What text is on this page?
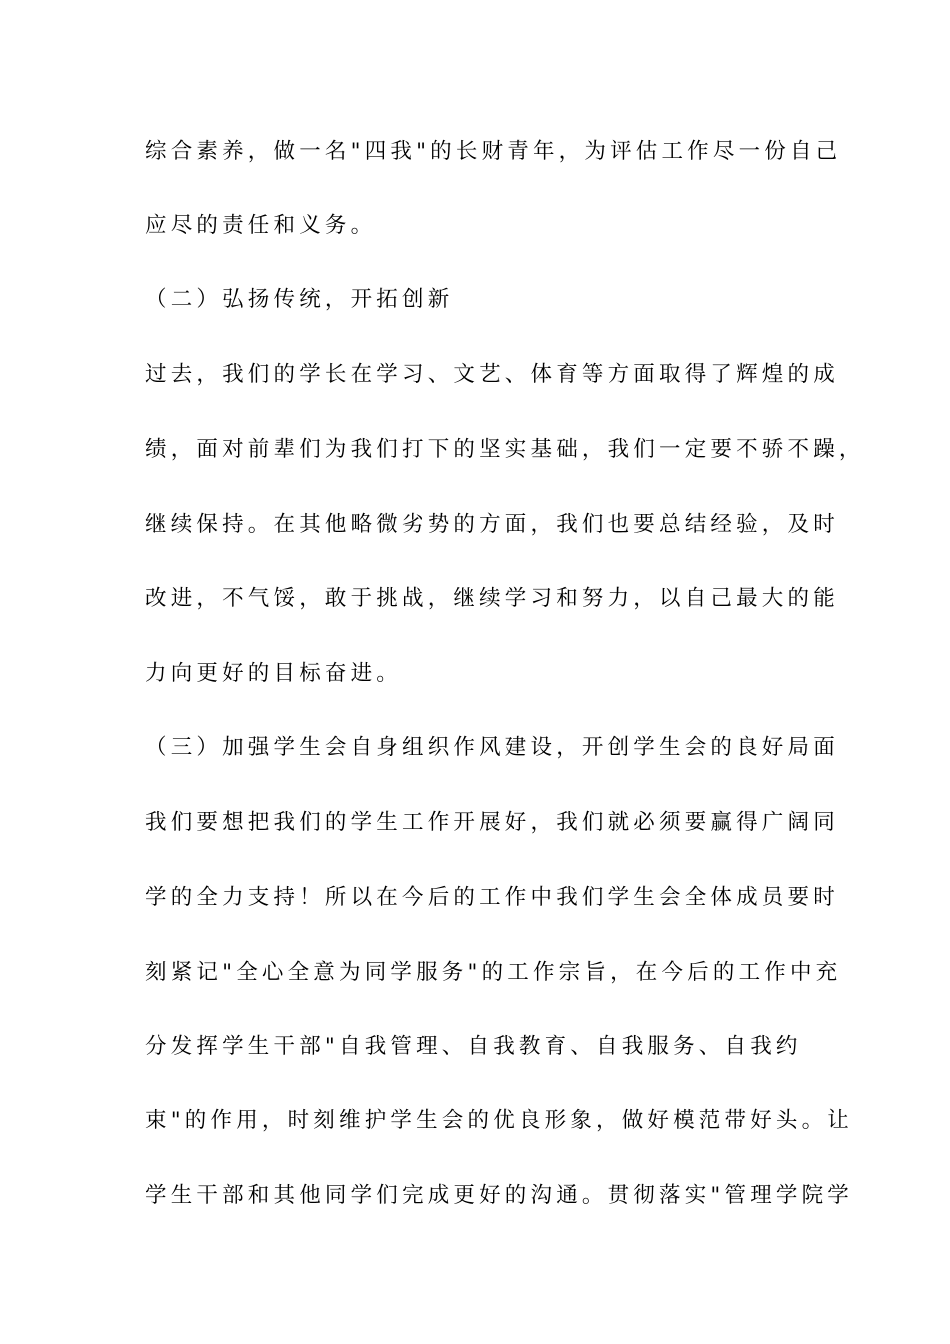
综合素养，做一名"四我"的长财青年，为评估工作尽一份自己

应尽的责任和义务。

（二）弘扬传统，开拓创新

过去，我们的学长在学习、文艺、体育等方面取得了辉煌的成

绩，面对前辈们为我们打下的坚实基础，我们一定要不骄不躁，

继续保持。在其他略微劣势的方面，我们也要总结经验，及时

改进，不气馁，敢于挑战，继续学习和努力，以自己最大的能

力向更好的目标奋进。

（三）加强学生会自身组织作风建设，开创学生会的良好局面

我们要想把我们的学生工作开展好，我们就必须要赢得广阔同

学的全力支持！所以在今后的工作中我们学生会全体成员要时

刻紧记"全心全意为同学服务"的工作宗旨，在今后的工作中充

分发挥学生干部"自我管理、自我教育、自我服务、自我约

束"的作用，时刻维护学生会的优良形象，做好模范带好头。让

学生干部和其他同学们完成更好的沟通。贯彻落实"管理学院学
